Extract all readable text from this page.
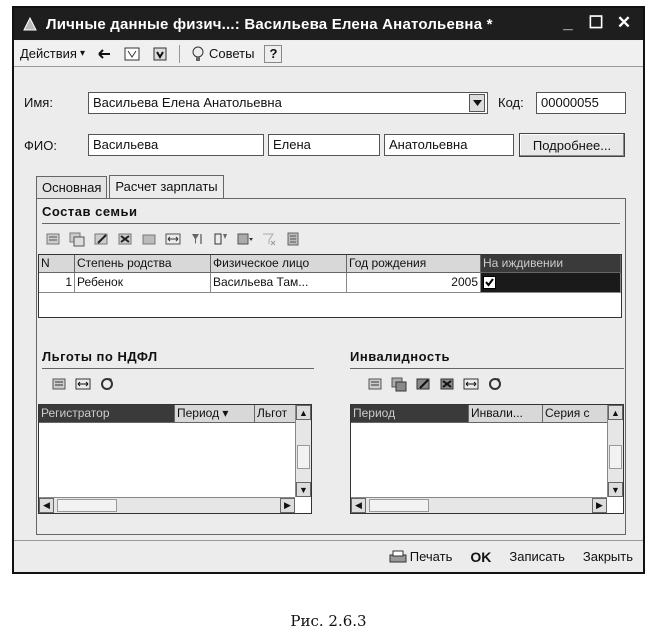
Личные данные физич...: Васильева Елена Анатольевна *	_ ☐ ✕
Действия ▾	Советы ?
Имя:	Васильева Елена Анатольевна	Код:	00000055
ФИО:	Васильева	Елена	Анатольевна	Подробнее...
Основная	Расчет зарплаты
Состав семьи
N	Степень родства	Физическое лицо	Год рождения	На иждивении
1 Ребенок	Васильева Там...	2005
Льготы по НДФЛ
Регистратор	Период ▾	Льгот	▲
▼
◀	▶
Инвалидность
Период	Инвали...	Серия с	▲
▼
◀	▶
Печать OK Записать Закрыть
Рис. 2.6.3
